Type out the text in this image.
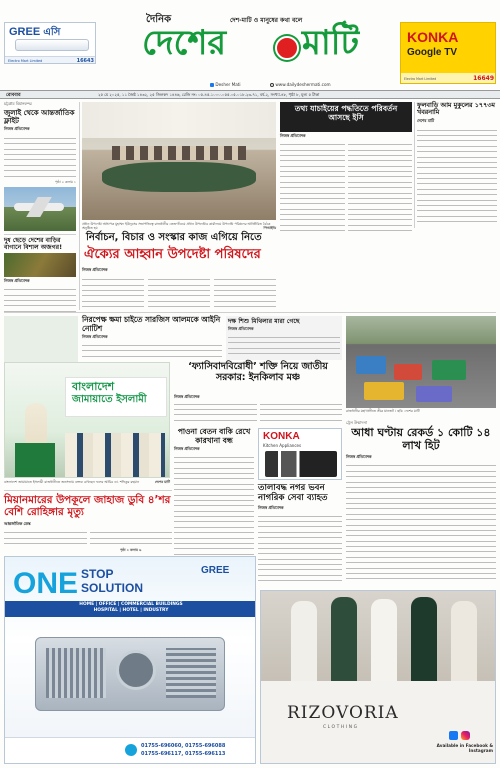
GREE এসি
Electro Mart Limited	16643
দৈনিক	দেশ-মাটি ও মানুষের কথা বলে
দেশের মাটি	KONKA
Google TV
Electro Mart Limited	16649
Desher Mati	www.dailydeshermati.com
রোববার	২৫ মে ২০২৫, ১১ জৈষ্ঠ ১৪৩২, ২৫ জিলকদ ১৪৪৬, রেজি নং: ০৫.৪৫.১০০০.০৫৫.০৫.০১৮.২৩-৭১, বর্ষ-২, সংখ্যা-৪৮, পৃষ্ঠা ৮, মূল্য ৫ টাকা
চট্টগ্রাম বিমানবন্দর
জুলাই থেকে আন্তর্জাতিক ফ্লাইট
নিজস্ব প্রতিবেদক
পৃষ্ঠা ২ কলাম ১
দুধ ছেড়ে দেশের বাড়ির বাগানে বিশাল অজগর!
নিজস্ব প্রতিবেদক
প্রধান উপদেষ্টা অধ্যাপক মুহাম্মদ ইউনূসের সভাপতিত্বে রাজধানীর তেজগাঁওয়ে প্রধান উপদেষ্টার কার্যালয়ে উপদেষ্টা পরিষদের অনির্ধারিত বৈঠক অনুষ্ঠিত হয়	পিআইডি
নির্বাচন, বিচার ও সংস্কার কাজ এগিয়ে নিতে
ঐক্যের আহ্বান উপদেষ্টা পরিষদের
নিজস্ব প্রতিবেদক
তথ্য যাচাইয়ের পদ্ধতিতে পরিবর্তন আসছে ইসি
নিজস্ব প্রতিবেদক
ফুলবাড়ি আম মুকুলের ১৭৭৩ম খবরনামি
দেশের মাটি
নিরপেক্ষ ক্ষমা চাইতে সারজিস আলমকে আইনি নোটিশ
নিজস্ব প্রতিবেদক
দক্ষ শিশু মিথিলার মারা গেছে
নিজস্ব প্রতিবেদক
রাজধানীর মহাখালীতে তীব্র যানজট । ছবি: দেশের মাটি
‘ফ্যাসিবাদবিরোধী’ শক্তি নিয়ে জাতীয় সরকার: ইনকিলাব মঞ্চ
বাংলাদেশ
জামায়াতে ইসলামী
বাংলাদেশ জামায়াতে ইসলামী রাজধানীতে জনসভায় বক্তব্য রাখছেন দলের আমির ডা. শফিকুর রহমান	দেশের মাটি
নিজস্ব প্রতিবেদক
পাওনা বেতন বাকি রেখে কারখানা বন্ধ
নিজস্ব প্রতিবেদক
KONKA
Kitchen Appliances
তালাবদ্ধ নগর ভবন নাগরিক সেবা ব্যাহত
নিজস্ব প্রতিবেদক
ট্রেন উন্মাদনা
আধা ঘণ্টায় রেকর্ড ১ কোটি ১৪ লাখ হিট
নিজস্ব প্রতিবেদক
মিয়ানমারের উপকূলে জাহাজ ডুবি ৪’শর বেশি রোহিঙ্গার মৃত্যু
আন্তর্জাতিক ডেস্ক
পৃষ্ঠা ২ কলাম ৬
ONE STOP
SOLUTION
GREE
HOME | OFFICE | COMMERCIAL BUILDINGS
HOSPITAL | HOTEL | INDUSTRY
01755-696060, 01755-696088
01755-696117, 01755-696113
RIZOVORIA
CLOTHING
Available in Facebook & Instagram
